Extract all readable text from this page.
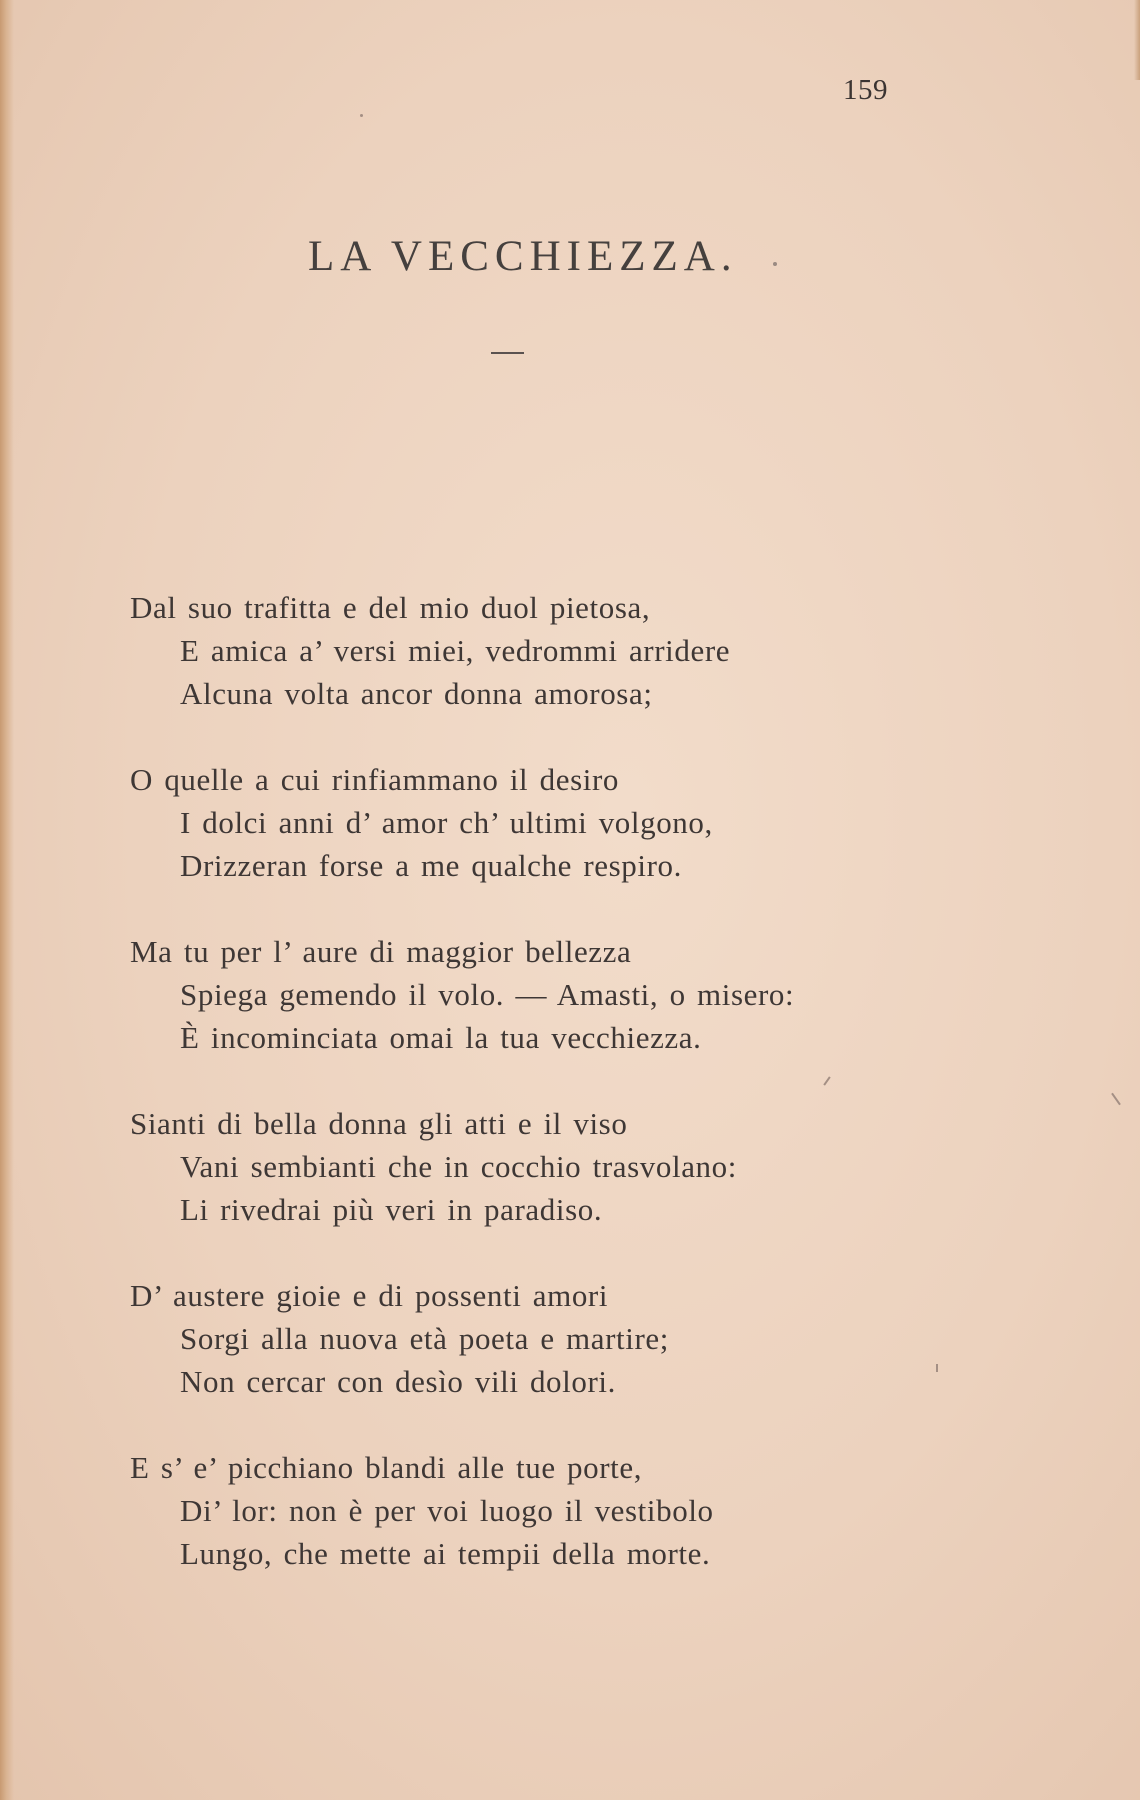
159
LA VECCHIEZZA.
Dal suo trafitta e del mio duol pietosa,
E amica a’ versi miei, vedrommi arridere
Alcuna volta ancor donna amorosa;
O quelle a cui rinfiammano il desiro
I dolci anni d’ amor ch’ ultimi volgono,
Drizzeran forse a me qualche respiro.
Ma tu per l’ aure di maggior bellezza
Spiega gemendo il volo. — Amasti, o misero:
È incominciata omai la tua vecchiezza.
Sianti di bella donna gli atti e il viso
Vani sembianti che in cocchio trasvolano:
Li rivedrai più veri in paradiso.
D’ austere gioie e di possenti amori
Sorgi alla nuova età poeta e martire;
Non cercar con desìo vili dolori.
E s’ e’ picchiano blandi alle tue porte,
Di’ lor: non è per voi luogo il vestibolo
Lungo, che mette ai tempii della morte.
